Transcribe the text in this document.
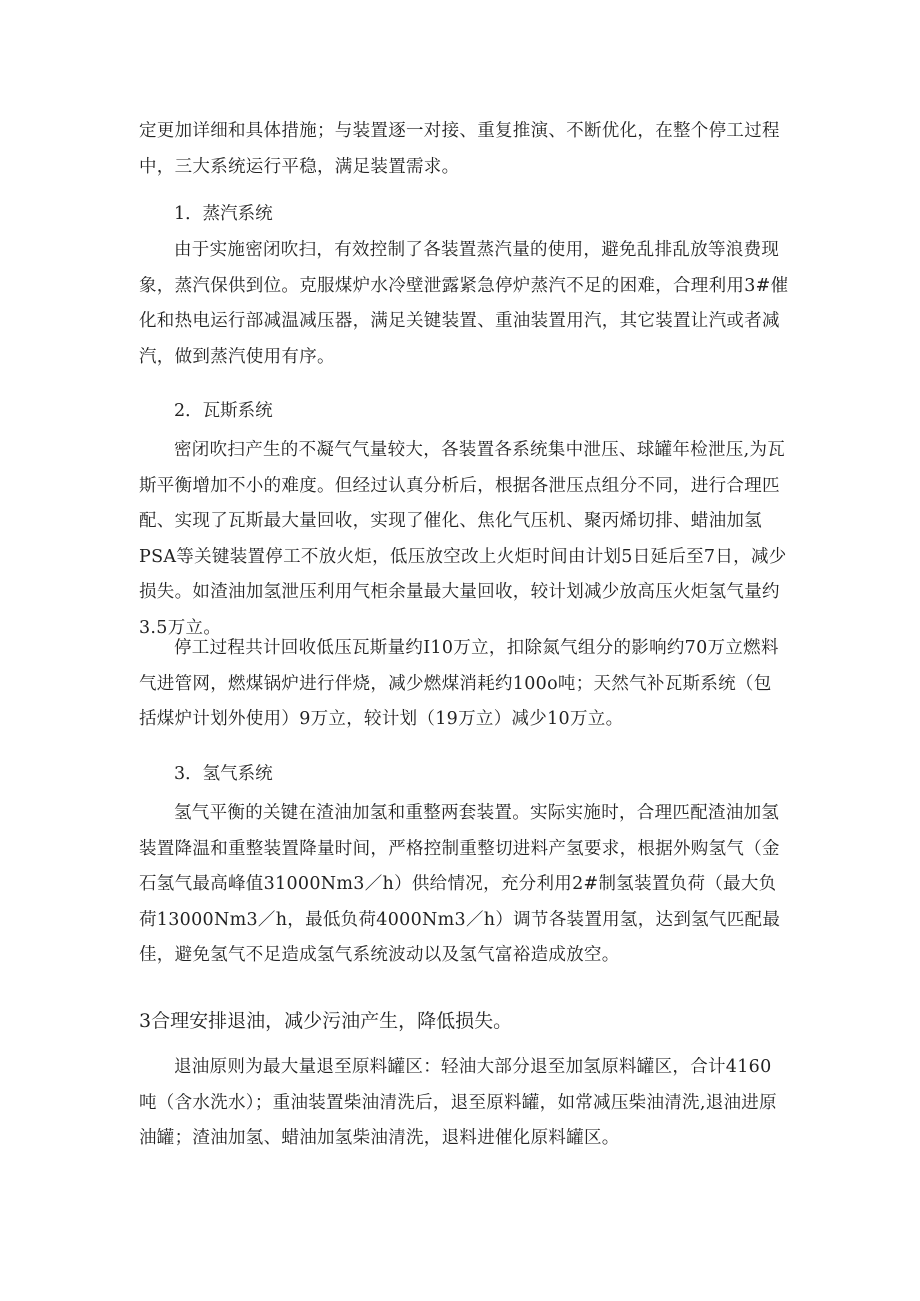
定更加详细和具体措施；与装置逐一对接、重复推演、不断优化，在整个停工过程中，三大系统运行平稳，满足装置需求。

1．蒸汽系统

由于实施密闭吹扫，有效控制了各装置蒸汽量的使用，避免乱排乱放等浪费现象，蒸汽保供到位。克服煤炉水冷壁泄露紧急停炉蒸汽不足的困难，合理利用3#催化和热电运行部减温减压器，满足关键装置、重油装置用汽，其它装置让汽或者减汽，做到蒸汽使用有序。

2．瓦斯系统

密闭吹扫产生的不凝气气量较大，各装置各系统集中泄压、球罐年检泄压,为瓦斯平衡增加不小的难度。但经过认真分析后，根据各泄压点组分不同，进行合理匹配、实现了瓦斯最大量回收，实现了催化、焦化气压机、聚丙烯切排、蜡油加氢PSA等关键装置停工不放火炬，低压放空改上火炬时间由计划5日延后至7日，减少损失。如渣油加氢泄压利用气柜余量最大量回收，较计划减少放高压火炬氢气量约3.5万立。

停工过程共计回收低压瓦斯量约I10万立，扣除氮气组分的影响约70万立燃料气进管网，燃煤锅炉进行伴烧，减少燃煤消耗约100o吨；天然气补瓦斯系统（包括煤炉计划外使用）9万立，较计划（19万立）减少10万立。

3．氢气系统

氢气平衡的关键在渣油加氢和重整两套装置。实际实施时，合理匹配渣油加氢装置降温和重整装置降量时间，严格控制重整切进料产氢要求，根据外购氢气（金石氢气最高峰值31000Nm3／h）供给情况，充分利用2#制氢装置负荷（最大负荷13000Nm3／h，最低负荷4000Nm3／h）调节各装置用氢，达到氢气匹配最佳，避免氢气不足造成氢气系统波动以及氢气富裕造成放空。

3合理安排退油，减少污油产生，降低损失。

退油原则为最大量退至原料罐区：轻油大部分退至加氢原料罐区，合计4160吨（含水洗水）；重油装置柴油清洗后，退至原料罐，如常减压柴油清洗,退油进原油罐；渣油加氢、蜡油加氢柴油清洗，退料进催化原料罐区。
